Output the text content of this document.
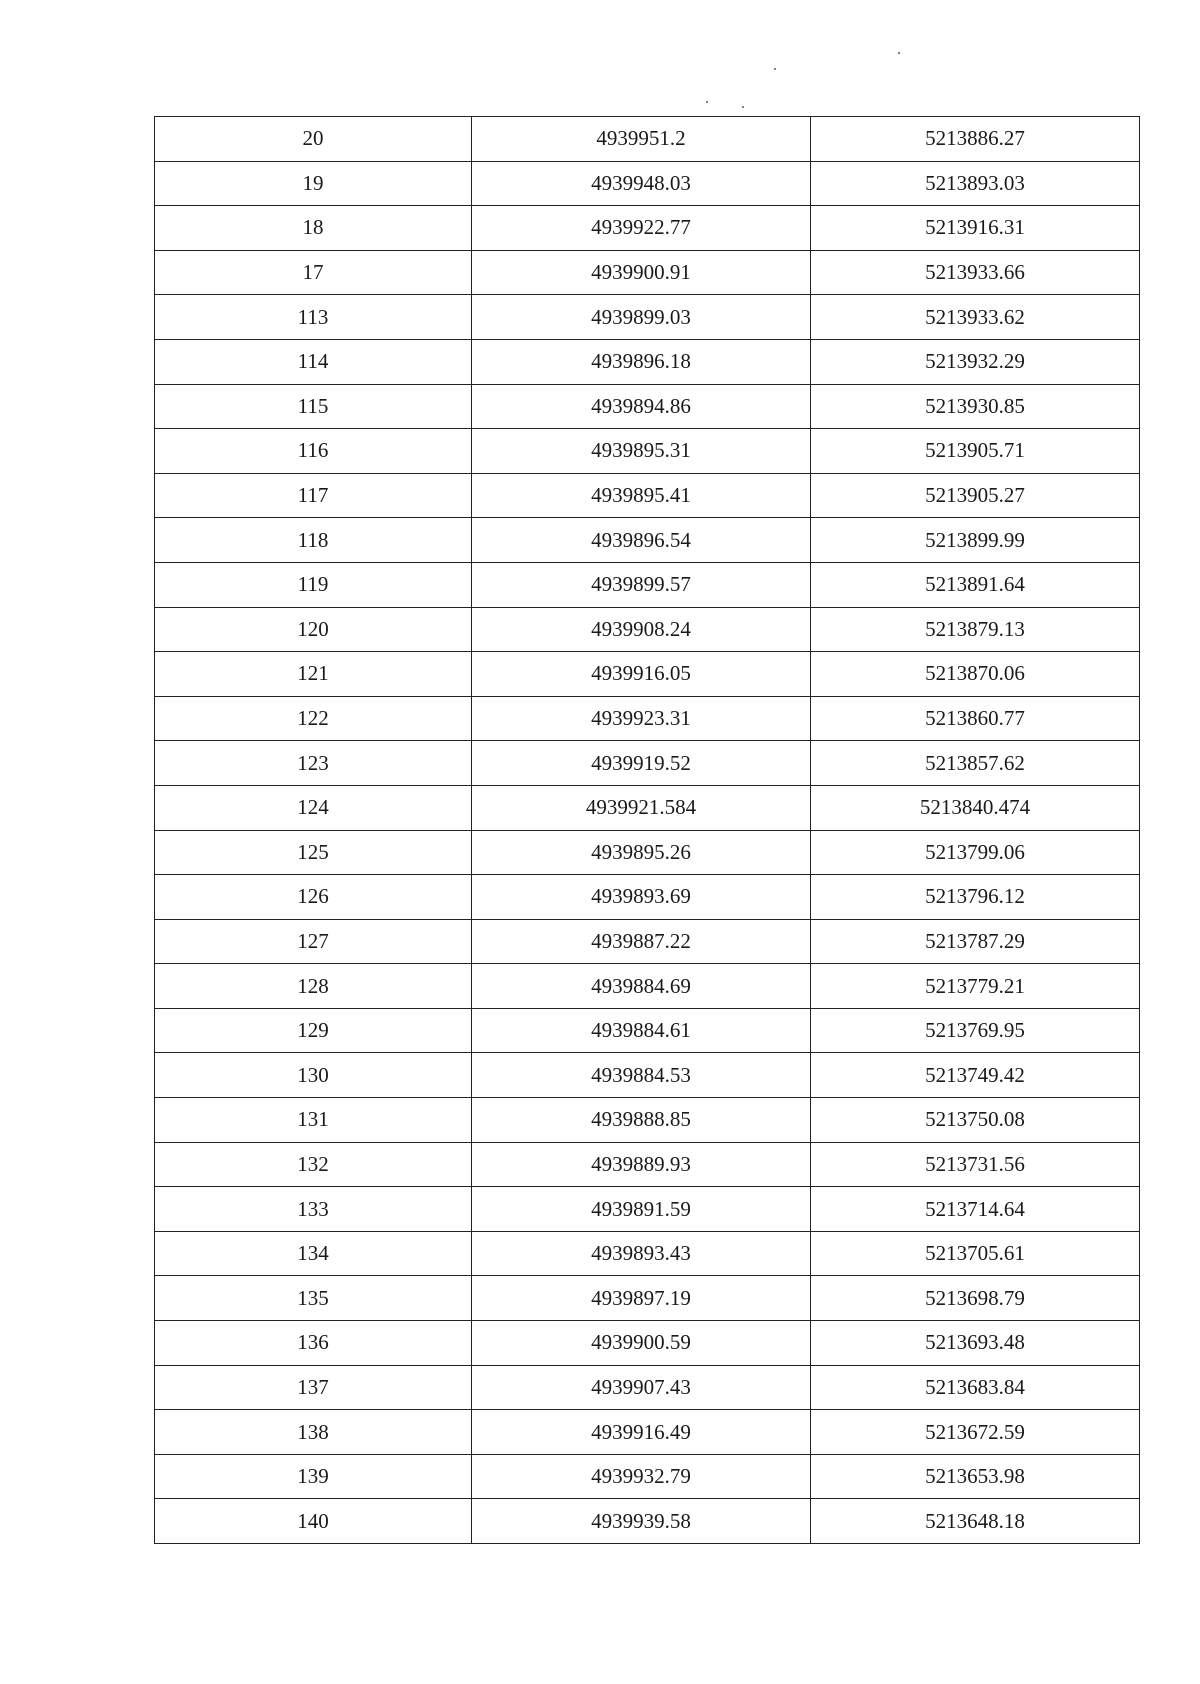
20	4939951.2	5213886.27
19	4939948.03	5213893.03
18	4939922.77	5213916.31
17	4939900.91	5213933.66
113	4939899.03	5213933.62
114	4939896.18	5213932.29
115	4939894.86	5213930.85
116	4939895.31	5213905.71
117	4939895.41	5213905.27
118	4939896.54	5213899.99
119	4939899.57	5213891.64
120	4939908.24	5213879.13
121	4939916.05	5213870.06
122	4939923.31	5213860.77
123	4939919.52	5213857.62
124	4939921.584	5213840.474
125	4939895.26	5213799.06
126	4939893.69	5213796.12
127	4939887.22	5213787.29
128	4939884.69	5213779.21
129	4939884.61	5213769.95
130	4939884.53	5213749.42
131	4939888.85	5213750.08
132	4939889.93	5213731.56
133	4939891.59	5213714.64
134	4939893.43	5213705.61
135	4939897.19	5213698.79
136	4939900.59	5213693.48
137	4939907.43	5213683.84
138	4939916.49	5213672.59
139	4939932.79	5213653.98
140	4939939.58	5213648.18
